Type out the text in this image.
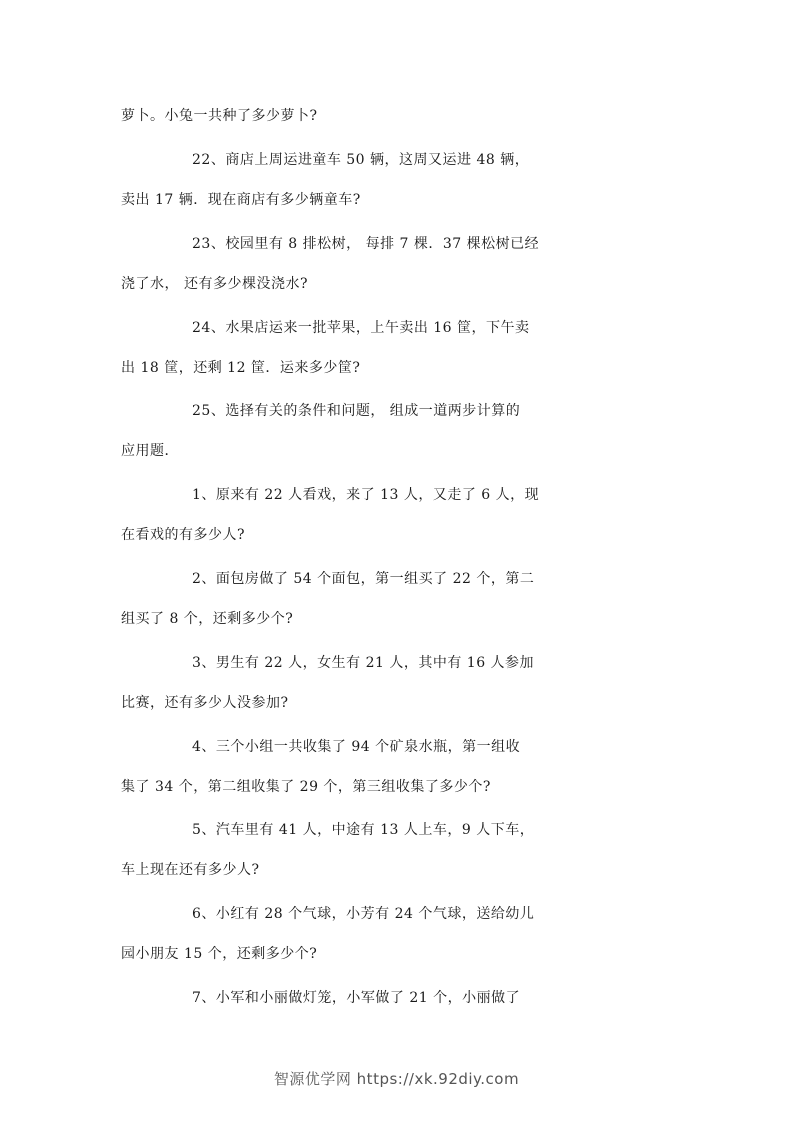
萝卜。小兔一共种了多少萝卜?
22、商店上周运进童车 50 辆，这周又运进 48 辆，
卖出 17 辆．现在商店有多少辆童车?
23、校园里有 8 排松树， 每排 7 棵．37 棵松树已经
浇了水， 还有多少棵没浇水?
24、水果店运来一批苹果，上午卖出 16 筐，下午卖
出 18 筐，还剩 12 筐．运来多少筐?
25、选择有关的条件和问题， 组成一道两步计算的
应用题．
1、原来有 22 人看戏，来了 13 人，又走了 6 人，现
在看戏的有多少人?
2、面包房做了 54 个面包，第一组买了 22 个，第二
组买了 8 个，还剩多少个?
3、男生有 22 人，女生有 21 人，其中有 16 人参加
比赛，还有多少人没参加?
4、三个小组一共收集了 94 个矿泉水瓶，第一组收
集了 34 个，第二组收集了 29 个，第三组收集了多少个?
5、汽车里有 41 人，中途有 13 人上车，9 人下车，
车上现在还有多少人?
6、小红有 28 个气球，小芳有 24 个气球，送给幼儿
园小朋友 15 个，还剩多少个?
7、小军和小丽做灯笼，小军做了 21 个，小丽做了
智源优学网 https://xk.92diy.com
